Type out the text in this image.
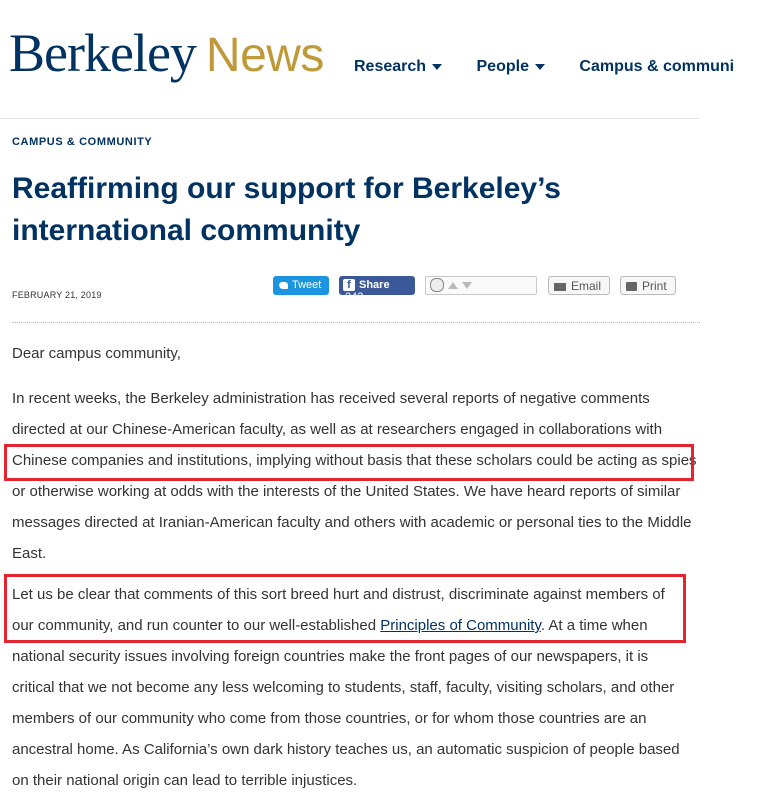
Berkeley News Research	People	Campus & communi
CAMPUS & COMMUNITY
Reaffirming our support for Berkeley’s
international community
FEBRUARY 21, 2019
Tweet	f Share 242
Email	Print

Dear campus community,

In recent weeks, the Berkeley administration has received several reports of negative comments
directed at our Chinese-American faculty, as well as at researchers engaged in collaborations with
Chinese companies and institutions, implying without basis that these scholars could be acting as spies
or otherwise working at odds with the interests of the United States. We have heard reports of similar
messages directed at Iranian-American faculty and others with academic or personal ties to the Middle
East.

Let us be clear that comments of this sort breed hurt and distrust, discriminate against members of
our community, and run counter to our well-established Principles of Community. At a time when
national security issues involving foreign countries make the front pages of our newspapers, it is
critical that we not become any less welcoming to students, staff, faculty, visiting scholars, and other
members of our community who come from those countries, or for whom those countries are an
ancestral home. As California’s own dark history teaches us, an automatic suspicion of people based
on their national origin can lead to terrible injustices.
